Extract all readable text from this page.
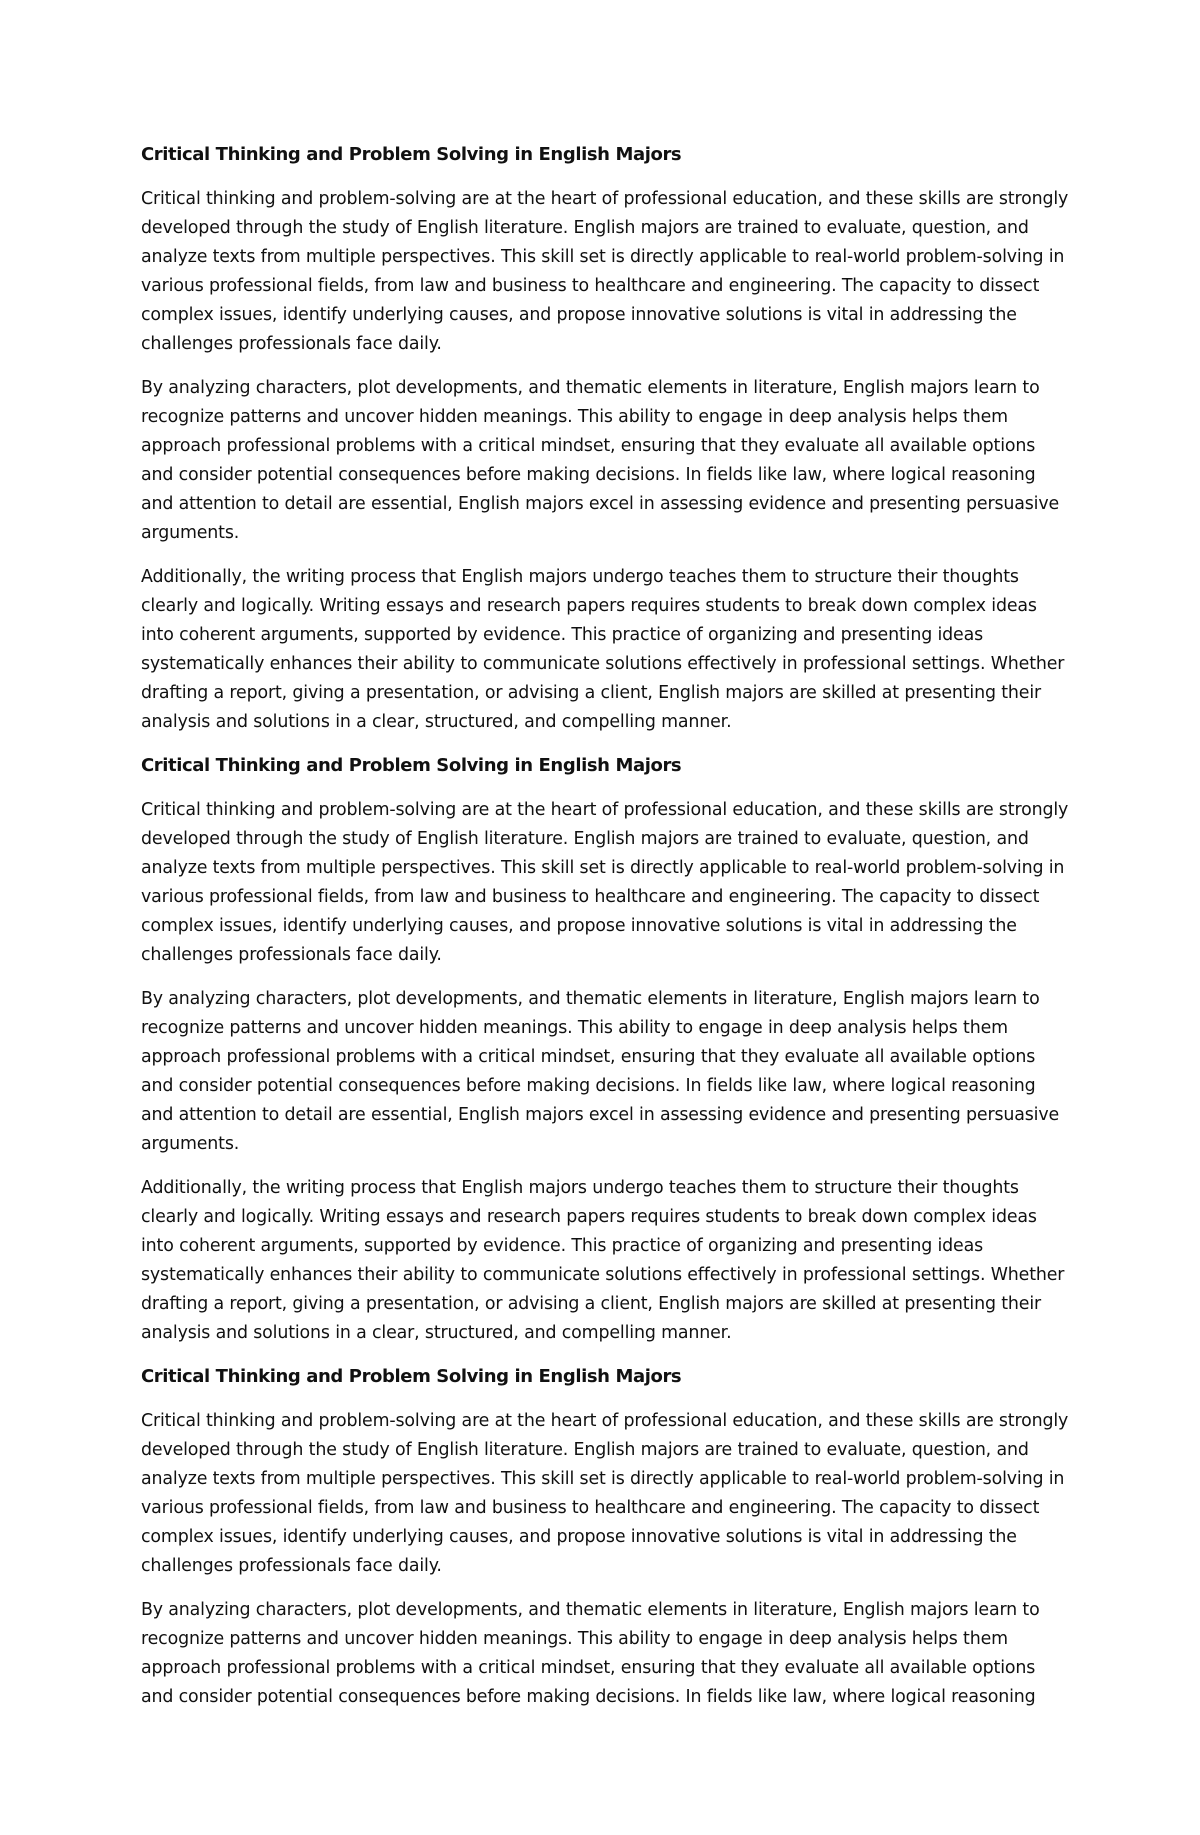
Critical Thinking and Problem Solving in English Majors

Critical thinking and problem-solving are at the heart of professional education, and these skills are strongly developed through the study of English literature. English majors are trained to evaluate, question, and analyze texts from multiple perspectives. This skill set is directly applicable to real-world problem-solving in various professional fields, from law and business to healthcare and engineering. The capacity to dissect complex issues, identify underlying causes, and propose innovative solutions is vital in addressing the challenges professionals face daily.

By analyzing characters, plot developments, and thematic elements in literature, English majors learn to recognize patterns and uncover hidden meanings. This ability to engage in deep analysis helps them approach professional problems with a critical mindset, ensuring that they evaluate all available options and consider potential consequences before making decisions. In fields like law, where logical reasoning and attention to detail are essential, English majors excel in assessing evidence and presenting persuasive arguments.

Additionally, the writing process that English majors undergo teaches them to structure their thoughts clearly and logically. Writing essays and research papers requires students to break down complex ideas into coherent arguments, supported by evidence. This practice of organizing and presenting ideas systematically enhances their ability to communicate solutions effectively in professional settings. Whether drafting a report, giving a presentation, or advising a client, English majors are skilled at presenting their analysis and solutions in a clear, structured, and compelling manner.

Critical Thinking and Problem Solving in English Majors

Critical thinking and problem-solving are at the heart of professional education, and these skills are strongly developed through the study of English literature. English majors are trained to evaluate, question, and analyze texts from multiple perspectives. This skill set is directly applicable to real-world problem-solving in various professional fields, from law and business to healthcare and engineering. The capacity to dissect complex issues, identify underlying causes, and propose innovative solutions is vital in addressing the challenges professionals face daily.

By analyzing characters, plot developments, and thematic elements in literature, English majors learn to recognize patterns and uncover hidden meanings. This ability to engage in deep analysis helps them approach professional problems with a critical mindset, ensuring that they evaluate all available options and consider potential consequences before making decisions. In fields like law, where logical reasoning and attention to detail are essential, English majors excel in assessing evidence and presenting persuasive arguments.

Additionally, the writing process that English majors undergo teaches them to structure their thoughts clearly and logically. Writing essays and research papers requires students to break down complex ideas into coherent arguments, supported by evidence. This practice of organizing and presenting ideas systematically enhances their ability to communicate solutions effectively in professional settings. Whether drafting a report, giving a presentation, or advising a client, English majors are skilled at presenting their analysis and solutions in a clear, structured, and compelling manner.

Critical Thinking and Problem Solving in English Majors

Critical thinking and problem-solving are at the heart of professional education, and these skills are strongly developed through the study of English literature. English majors are trained to evaluate, question, and analyze texts from multiple perspectives. This skill set is directly applicable to real-world problem-solving in various professional fields, from law and business to healthcare and engineering. The capacity to dissect complex issues, identify underlying causes, and propose innovative solutions is vital in addressing the challenges professionals face daily.

By analyzing characters, plot developments, and thematic elements in literature, English majors learn to recognize patterns and uncover hidden meanings. This ability to engage in deep analysis helps them approach professional problems with a critical mindset, ensuring that they evaluate all available options and consider potential consequences before making decisions. In fields like law, where logical reasoning
